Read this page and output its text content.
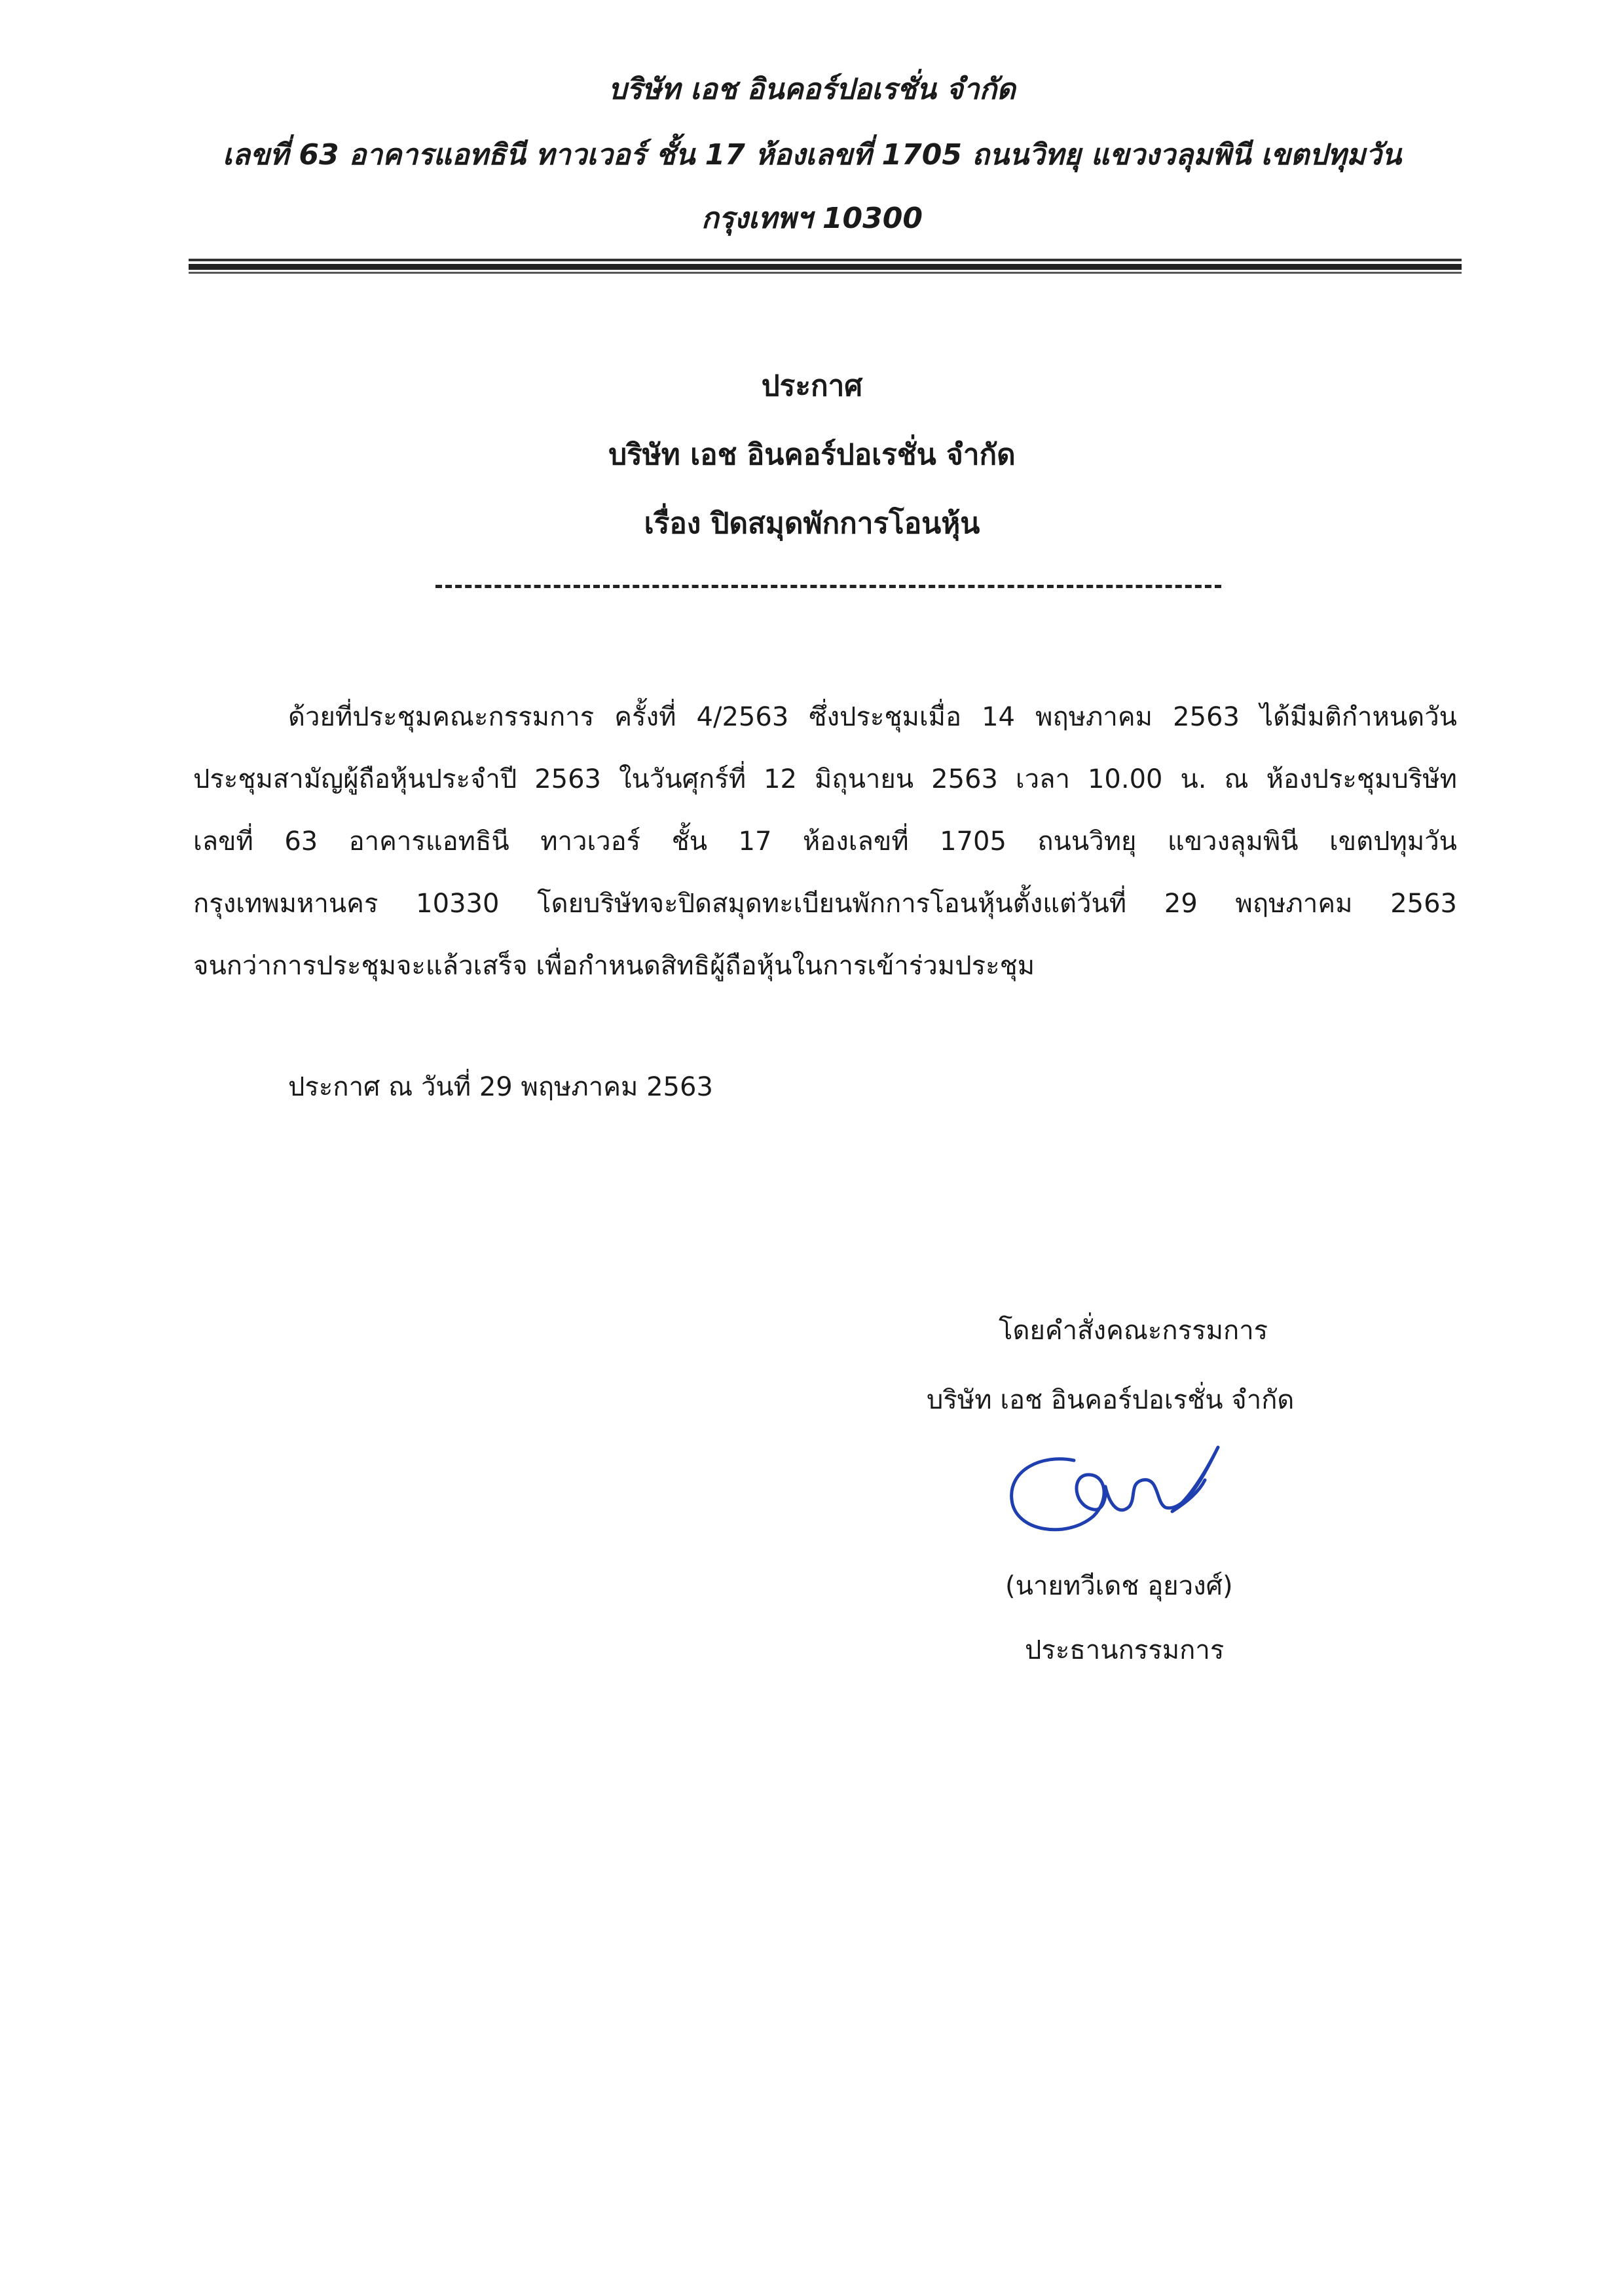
บริษัท เอช อินคอร์ปอเรชั่น จำกัด
เลขที่ 63 อาคารแอทธินี ทาวเวอร์ ชั้น 17 ห้องเลขที่ 1705 ถนนวิทยุ แขวงวลุมพินี เขตปทุมวัน
กรุงเทพฯ 10300
ประกาศ
บริษัท เอช อินคอร์ปอเรชั่น จำกัด
เรื่อง ปิดสมุดพักการโอนหุ้น
ด้วยที่ประชุมคณะกรรมการ ครั้งที่ 4/2563 ซึ่งประชุมเมื่อ 14 พฤษภาคม 2563 ได้มีมติกำหนดวัน
ประชุมสามัญผู้ถือหุ้นประจำปี 2563 ในวันศุกร์ที่ 12 มิถุนายน 2563 เวลา 10.00 น. ณ ห้องประชุมบริษัท
เลขที่ 63 อาคารแอทธินี ทาวเวอร์ ชั้น 17 ห้องเลขที่ 1705 ถนนวิทยุ แขวงลุมพินี เขตปทุมวัน
กรุงเทพมหานคร 10330 โดยบริษัทจะปิดสมุดทะเบียนพักการโอนหุ้นตั้งแต่วันที่ 29 พฤษภาคม 2563
จนกว่าการประชุมจะแล้วเสร็จ เพื่อกำหนดสิทธิผู้ถือหุ้นในการเข้าร่วมประชุม
ประกาศ ณ วันที่ 29 พฤษภาคม 2563
โดยคำสั่งคณะกรรมการ
บริษัท เอช อินคอร์ปอเรชั่น จำกัด
(นายทวีเดช อุยวงศ์)
ประธานกรรมการ
